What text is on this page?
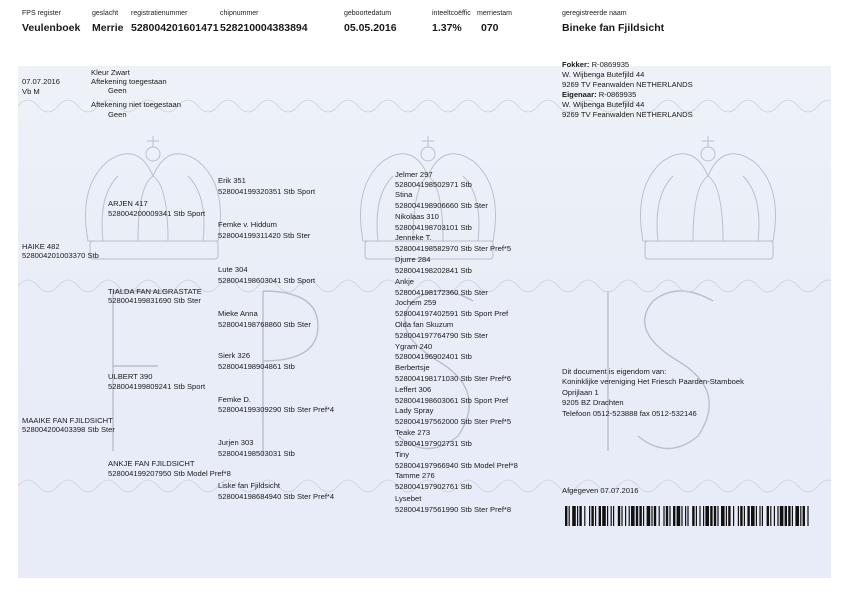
FPS register
Veulenboek
geslacht
Merrie
registratienummer
528004201601471
chipnummer
528210004383894
geboortedatum
05.05.2016
inteeltcoëffic
1.37%
merriestam
070
geregistreerde naam
Bineke fan Fjildsicht
Fokker: R-0869935
W. Wijbenga Butefjild 44
9269 TV Feanwalden NETHERLANDS
Eigenaar: R-0869935
W. Wijbenga Butefjild 44
9269 TV Feanwalden NETHERLANDS
07.07.2016
Vb M
Kleur Zwart
Aftekening toegestaan
Geen
Aftekening niet toegestaan
Geen
HAIKE 482
528004201003370 Stb
MAAIKE FAN FJILDSICHT
528004200403398 Stb Ster
ARJEN 417
528004200009341 Stb Sport
TIALDA FAN ALGRASTATE
528004199831690 Stb Ster
ULBERT 390
528004199809241 Stb Sport
ANKJE FAN FJILDSICHT
528004199207950 Stb Model Pref*8
Erik 351
528004199320351 Stb Sport
Femke v. Hiddum
528004199311420 Stb Ster
Lute 304
528004198603041 Stb Sport
Mieke Anna
528004198768860 Stb Ster
Sierk 326
528004198904861 Stb
Femke D.
528004199309290 Stb Ster Pref*4
Jurjen 303
528004198503031 Stb
Liske fan Fjildsicht
528004198684940 Stb Ster Pref*4
Jelmer 297
528004198502971 Stb
Stina
528004198906660 Stb Ster
Nikolaas 310
528004198703101 Stb
Jenneke T.
528004198582970 Stb Ster Pref*5
Djurre 284
528004198202841 Stb
Ankje
528004198172360 Stb Ster
Jochem 259
528004197402591 Stb Sport Pref
Olda fan Skuzum
528004197764790 Stb Ster
Ygram 240
528004196902401 Stb
Berbertsje
528004198171030 Stb Ster Pref*6
Leffert 306
528004198603061 Stb Sport Pref
Lady Spray
528004197562000 Stb Ster Pref*5
Teake 273
528004197902731 Stb
Tiny
528004197966940 Stb Model Pref*8
Tamme 276
528004197902761 Stb
Lysebet
528004197561990 Stb Ster Pref*8
Dit document is eigendom van:
Koninklijke vereniging Het Friesch Paarden-Stamboek
Oprijlaan 1
9205 BZ Drachten
Telefoon 0512-523888 fax 0512-532146
Afgegeven 07.07.2016
